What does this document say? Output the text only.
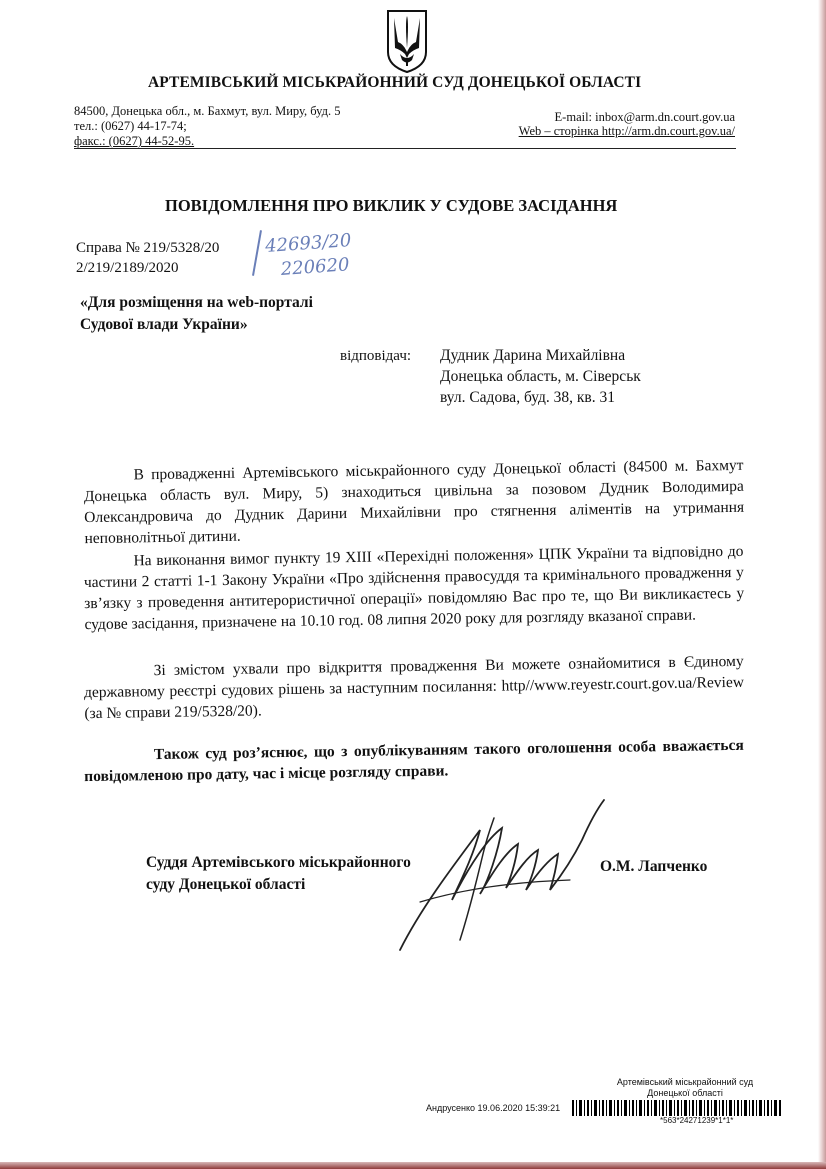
АРТЕМІВСЬКИЙ МІСЬКРАЙОННИЙ СУД ДОНЕЦЬКОЇ ОБЛАСТІ
84500, Донецька обл., м. Бахмут, вул. Миру, буд. 5
тел.: (0627) 44-17-74;
факс.: (0627) 44-52-95.
E-mail: inbox@arm.dn.court.gov.ua
Web – сторінка http://arm.dn.court.gov.ua/
ПОВІДОМЛЕННЯ ПРО ВИКЛИК У СУДОВЕ ЗАСІДАННЯ
Справа № 219/5328/20
2/219/2189/2020
42693/20
220620
«Для розміщення на web-порталі
Судової влади України»
відповідач: Дудник Дарина Михайлівна
Донецька область, м. Сіверськ
вул. Садова, буд. 38, кв. 31
В провадженні Артемівського міськрайонного суду Донецької області (84500 м. Бахмут Донецька область вул. Миру, 5) знаходиться цивільна за позовом Дудник Володимира Олександровича до Дудник Дарини Михайлівни про стягнення аліментів на утримання неповнолітньої дитини.
На виконання вимог пункту 19 XIII «Перехідні положення» ЦПК України та відповідно до частини 2 статті 1-1 Закону України «Про здійснення правосуддя та кримінального провадження у зв’язку з проведення антитерористичної операції» повідомляю Вас про те, що Ви викликаєтесь у судове засідання, призначене на 10.10 год. 08 липня 2020 року для розгляду вказаної справи.
Зі змістом ухвали про відкриття провадження Ви можете ознайомитися в Єдиному державному реєстрі судових рішень за наступним посилання: http//www.reyestr.court.gov.ua/Review (за № справи 219/5328/20).
Також суд роз’яснює, що з опублікуванням такого оголошення особа вважається повідомленою про дату, час і місце розгляду справи.
Суддя Артемівського міськрайонного
суду Донецької області
О.М. Лапченко
Артемівський міськрайонний суд
Донецької області
Андрусенко 19.06.2020 15:39:21
*563*24271239*1*1*
